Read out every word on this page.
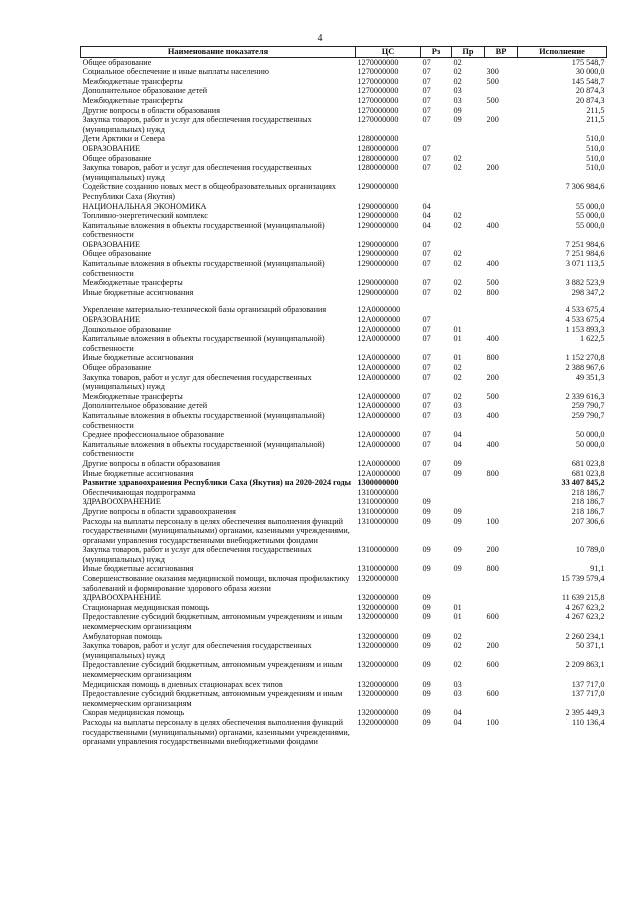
4
Наименование показателя	ЦС	Рз	Пр	ВР	Исполнение
Общее образование	1270000000	07	02		175 548,7
Социальное обеспечение и иные выплаты населению	1270000000	07	02	300	30 000,0
Межбюджетные трансферты	1270000000	07	02	500	145 548,7
Дополнительное образование детей	1270000000	07	03		20 874,3
Межбюджетные трансферты	1270000000	07	03	500	20 874,3
Другие вопросы в области образования	1270000000	07	09		211,5
Закупка товаров, работ и услуг для обеспечения государственных (муниципальных) нужд	1270000000	07	09	200	211,5
Дети Арктики и Севера	1280000000				510,0
ОБРАЗОВАНИЕ	1280000000	07			510,0
Общее образование	1280000000	07	02		510,0
Закупка товаров, работ и услуг для обеспечения государственных (муниципальных) нужд	1280000000	07	02	200	510,0
Содействие созданию новых мест в общеобразовательных организациях Республики Саха (Якутия)	1290000000				7 306 984,6
НАЦИОНАЛЬНАЯ ЭКОНОМИКА	1290000000	04			55 000,0
Топливно-энергетический комплекс	1290000000	04	02		55 000,0
Капитальные вложения в объекты государственной (муниципальной) собственности	1290000000	04	02	400	55 000,0
ОБРАЗОВАНИЕ	1290000000	07			7 251 984,6
Общее образование	1290000000	07	02		7 251 984,6
Капитальные вложения в объекты государственной (муниципальной) собственности	1290000000	07	02	400	3 071 113,5
Межбюджетные трансферты	1290000000	07	02	500	3 882 523,9
Иные бюджетные ассигнования	1290000000	07	02	800	298 347,2

Укрепление материально-технической базы организаций образования	12А0000000				4 533 675,4
ОБРАЗОВАНИЕ	12А0000000	07			4 533 675,4
Дошкольное образование	12А0000000	07	01		1 153 893,3
Капитальные вложения в объекты государственной (муниципальной) собственности	12А0000000	07	01	400	1 622,5
Иные бюджетные ассигнования	12А0000000	07	01	800	1 152 270,8
Общее образование	12А0000000	07	02		2 388 967,6
Закупка товаров, работ и услуг для обеспечения государственных (муниципальных) нужд	12А0000000	07	02	200	49 351,3
Межбюджетные трансферты	12А0000000	07	02	500	2 339 616,3
Дополнительное образование детей	12А0000000	07	03		259 790,7
Капитальные вложения в объекты государственной (муниципальной) собственности	12А0000000	07	03	400	259 790,7
Среднее профессиональное образование	12А0000000	07	04		50 000,0
Капитальные вложения в объекты государственной (муниципальной) собственности	12А0000000	07	04	400	50 000,0
Другие вопросы в области образования	12А0000000	07	09		681 023,8
Иные бюджетные ассигнования	12А0000000	07	09	800	681 023,8
Развитие здравоохранения Республики Саха (Якутия) на 2020-2024 годы	1300000000				33 407 845,2
Обеспечивающая подпрограмма	1310000000				218 186,7
ЗДРАВООХРАНЕНИЕ	1310000000	09			218 186,7
Другие вопросы в области здравоохранения	1310000000	09	09		218 186,7
Расходы на выплаты персоналу в целях обеспечения выполнения функций государственными (муниципальными) органами, казенными учреждениями, органами управления государственными внебюджетными фондами	1310000000	09	09	100	207 306,6
Закупка товаров, работ и услуг для обеспечения государственных (муниципальных) нужд	1310000000	09	09	200	10 789,0
Иные бюджетные ассигнования	1310000000	09	09	800	91,1
Совершенствование оказания медицинской помощи, включая профилактику заболеваний и формирование здорового образа жизни	1320000000				15 739 579,4
ЗДРАВООХРАНЕНИЕ	1320000000	09			11 639 215,8
Стационарная медицинская помощь	1320000000	09	01		4 267 623,2
Предоставление субсидий бюджетным, автономным учреждениям и иным некоммерческим организациям	1320000000	09	01	600	4 267 623,2
Амбулаторная помощь	1320000000	09	02		2 260 234,1
Закупка товаров, работ и услуг для обеспечения государственных (муниципальных) нужд	1320000000	09	02	200	50 371,1
Предоставление субсидий бюджетным, автономным учреждениям и иным некоммерческим организациям	1320000000	09	02	600	2 209 863,1
Медицинская помощь в дневных стационарах всех типов	1320000000	09	03		137 717,0
Предоставление субсидий бюджетным, автономным учреждениям и иным некоммерческим организациям	1320000000	09	03	600	137 717,0
Скорая медицинская помощь	1320000000	09	04		2 395 449,3
Расходы на выплаты персоналу в целях обеспечения выполнения функций государственными (муниципальными) органами, казенными учреждениями, органами управления государственными внебюджетными фондами	1320000000	09	04	100	110 136,4
